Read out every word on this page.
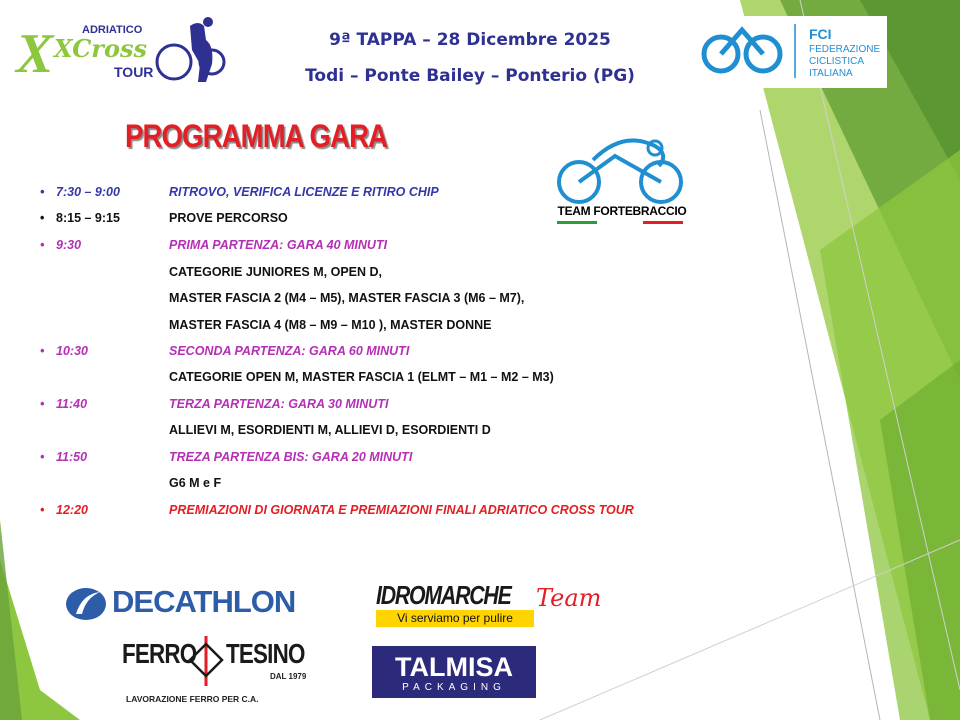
X	ADRIATICO
XCross
TOUR
9ª TAPPA – 28 Dicembre 2025
Todi – Ponte Bailey – Ponterio (PG)
FCI
FEDERAZIONE
CICLISTICA
ITALIANA
PROGRAMMA GARA
TEAM FORTEBRACCIO
• 7:30 – 9:00	RITROVO, VERIFICA LICENZE E RITIRO CHIP
• 8:15 – 9:15	PROVE PERCORSO
• 9:30	PRIMA PARTENZA: GARA 40 MINUTI
CATEGORIE JUNIORES M, OPEN D,
MASTER FASCIA 2 (M4 – M5), MASTER FASCIA 3 (M6 – M7),
MASTER FASCIA 4 (M8 – M9 – M10 ), MASTER DONNE
• 10:30	SECONDA PARTENZA: GARA 60 MINUTI
CATEGORIE OPEN M, MASTER FASCIA 1 (ELMT – M1 – M2 – M3)
• 11:40	TERZA PARTENZA: GARA 30 MINUTI
ALLIEVI M, ESORDIENTI M, ALLIEVI D, ESORDIENTI D
• 11:50	TREZA PARTENZA BIS: GARA 20 MINUTI
G6 M e F
• 12:20	PREMIAZIONI DI GIORNATA E PREMIAZIONI FINALI ADRIATICO CROSS TOUR
DECATHLON	IDROMARCHE Team
Vi serviamo per pulire
FERRO TESINO
DAL 1979
LAVORAZIONE FERRO PER C.A.
TALMISA
PACKAGING
